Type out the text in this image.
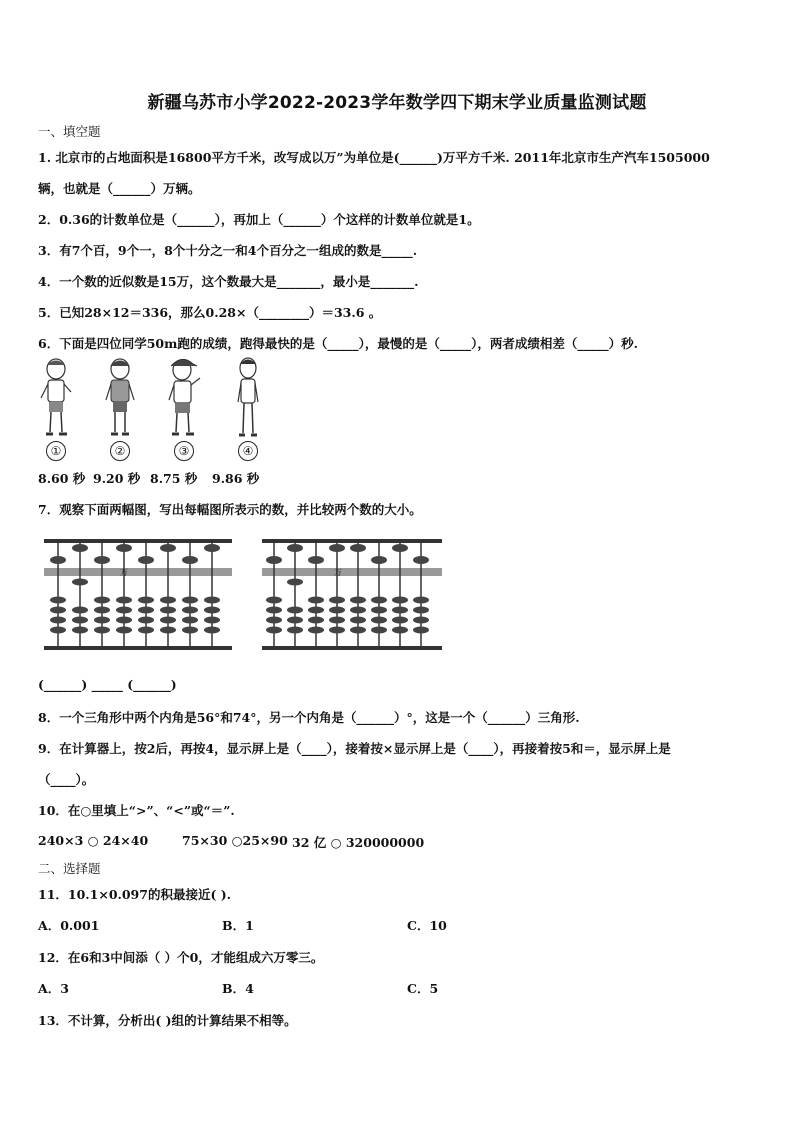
新疆乌苏市小学2022-2023学年数学四下期末学业质量监测试题
一、填空题
1. 北京市的占地面积是16800平方千米，改写成以万”为单位是(______)万平方千米. 2011年北京市生产汽车1505000
辆，也就是（______）万辆。
2．0.36的计数单位是（______），再加上（______）个这样的计数单位就是1。
3．有7个百，9个一，8个十分之一和4个百分之一组成的数是_____.
4．一个数的近似数是15万，这个数最大是_______，最小是_______.
5．已知28×12＝336，那么0.28×（________）＝33.6 。
6．下面是四位同学50m跑的成绩，跑得最快的是（_____），最慢的是（_____），两者成绩相差（_____）秒.
①	②	③	④
8.60 秒 9.20 秒 8.75 秒 9.86 秒
7．观察下面两幅图，写出每幅图所表示的数，并比较两个数的大小。
万	万
(______) _____ (______)
8．一个三角形中两个内角是56°和74°，另一个内角是（______）°，这是一个（______）三角形.
9．在计算器上，按2后，再按4，显示屏上是（____），接着按×显示屏上是（____），再接着按5和＝，显示屏上是
（____）。
10．在○里填上“>”、“<”或“＝”.
240×3 ○ 24×40	75×30 ○25×90 32 亿 ○ 320000000
二、选择题
11．10.1×0.097的积最接近( ).
A．0.001	B．1	C．10
12．在6和3中间添（ ）个0，才能组成六万零三。
A．3	B．4	C．5
13．不计算，分析出( )组的计算结果不相等。
